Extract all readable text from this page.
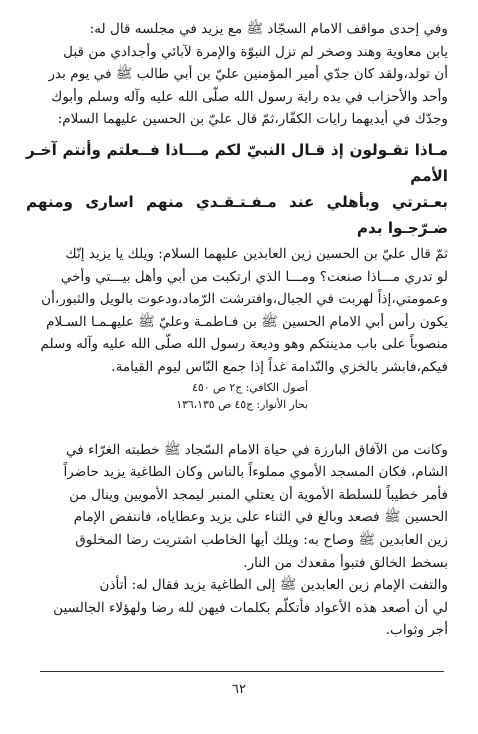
وفي إحدى مواقف الامام السجّاد ﷺ مع يزيد في مجلسه قال له:

يابن معاوية وهند وصخر لم تزل النبوّة والإمرة لآبائي وأجدادي من قبل

أن تولد،ولقد كان جدّي أمير المؤمنين عليّ بن أبي طالب ﷺ في يوم بدر

وأحد والأحزاب في يده راية رسول الله صلّى الله عليه وآله وسلم وأبوك

وجدّك في أيديهما رايات الكفّار،ثمّ قال عليّ بن الحسين عليهما السلام:

مـاذا تقـولون إذ قـال النبيّ لكم مـــاذا فــعلتم وأنتم آخـر الأمم
بعـترتي وبأهلي عند مـفـتـقـدي منهم اسارى ومنهم ضـرّجـوا بدم

ثمّ قال عليّ بن الحسين زين العابدين عليهما السلام: ويلك يا يزيد إنّك

لو تدري مـــاذا صنعت؟ ومـــا الذي ارتكبت من أبي وأهل بيـــتي وأخي

وعمومتي،إذاً لهربت في الجبال،وافترشت الرّماد،ودعوت بالويل والثبور،أن

يكون رأس أبي الامام الحسين ﷺ بن فـاطمـة وعليّ ﷺ عليهـمـا السـلام

منصوباً على باب مدينتكم وهو وديعة رسول الله صلّى الله عليه وآله وسلم

فيكم،فابشر بالخزي والنّدامة غداً إذا جمع النّاس ليوم القيامة.

أصول الكافي: ج٢ ص ٤٥٠

بحار الأنوار: ج٤٥ ص ١٣٦،١٣٥

وكانت من الآفاق البارزة في حياة الامام السّجاد ﷺ خطبته الغرّاء في

الشام، فكان المسجد الأموي مملوءاً بالناس وكان الطاغية يزيد حاضراً

فأمر خطيباً للسلطة الأموية أن يعتلي المنبر ليمجد الأمويين وينال من

الحسين ﷺ فصعد وبالغ في الثناء على يزيد وعطاياه، فانتفض الإمام

زين العابدين ﷺ وصاح به: ويلك أيها الخاطب اشتريت رضا المخلوق

بسخط الخالق فتبوأ مقعدك من النار.

والتفت الإمام زين العابدين ﷺ إلى الطاغية يزيد فقال له: أتأذن

لي أن أصعد هذه الأعواد فأتكلّم بكلمات فيهن لله رضا ولهؤلاء الجالسين

أجر وثواب.

٦٢
